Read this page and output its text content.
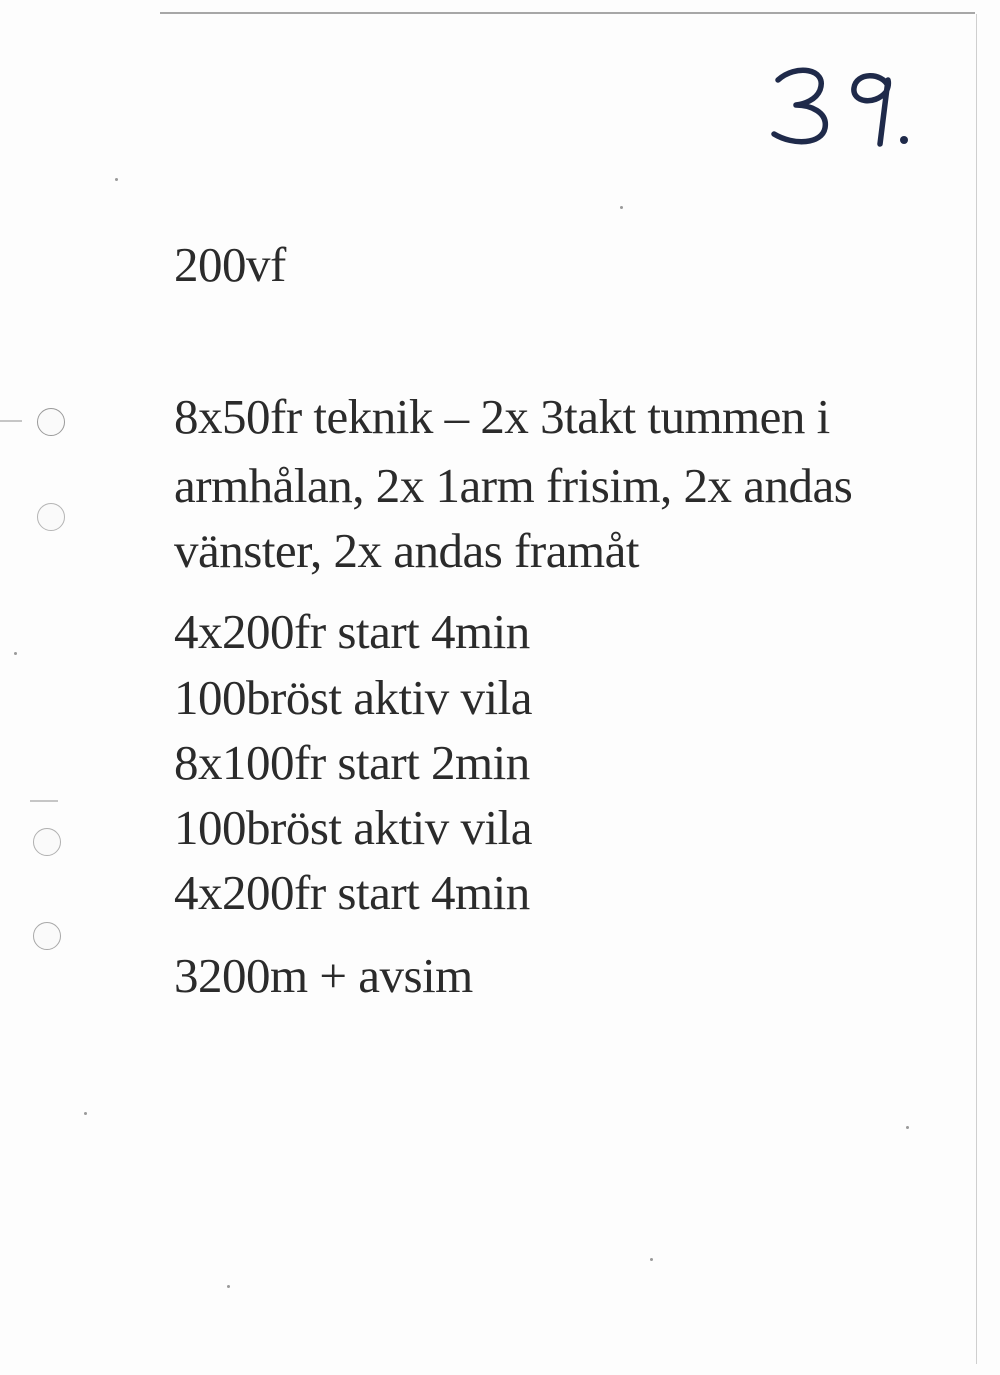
200vf
8x50fr teknik – 2x 3takt tummen i
armhålan, 2x 1arm frisim, 2x andas
vänster, 2x andas framåt
4x200fr start 4min
100bröst aktiv vila
8x100fr start 2min
100bröst aktiv vila
4x200fr start 4min
3200m + avsim
